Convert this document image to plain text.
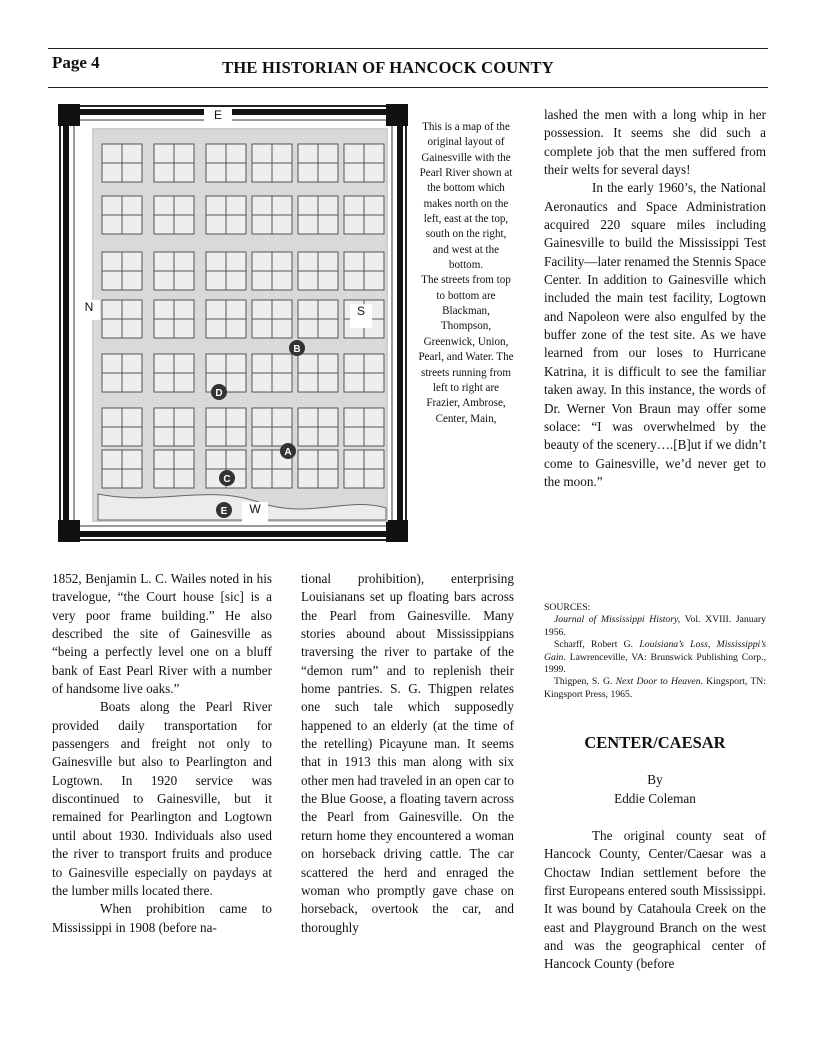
Page 4	THE HISTORIAN OF HANCOCK COUNTY
B
D
A
C
E
E
W
N	S

This is a map of the original layout of Gainesville with the Pearl River shown at the bottom which makes north on the left, east at the top, south on the right, and west at the bottom.

The streets from top to bottom are Blackman, Thompson, Greenwick, Union, Pearl, and Water. The streets running from left to right are Frazier, Ambrose, Center, Main,

1852, Benjamin L. C. Wailes noted in his travelogue, “the Court house [sic] is a very poor frame building.” He also described the site of Gainesville as “being a perfectly level one on a bluff bank of East Pearl River with a number of handsome live oaks.”

Boats along the Pearl River provided daily transportation for passengers and freight not only to Gainesville but also to Pearlington and Logtown. In 1920 service was discontinued to Gainesville, but it remained for Pearlington and Logtown until about 1930. Individuals also used the river to transport fruits and produce to Gainesville especially on paydays at the lumber mills located there.

When prohibition came to Mississippi in 1908 (before na-

tional prohibition), enterprising Louisianans set up floating bars across the Pearl from Gainesville. Many stories abound about Mississippians traversing the river to partake of the “demon rum” and to replenish their home pantries. S. G. Thigpen relates one such tale which supposedly happened to an elderly (at the time of the retelling) Picayune man. It seems that in 1913 this man along with six other men had traveled in an open car to the Blue Goose, a floating tavern across the Pearl from Gainesville. On the return home they encountered a woman on horseback driving cattle. The car scattered the herd and enraged the woman who promptly gave chase on horseback, overtook the car, and thoroughly

lashed the men with a long whip in her possession. It seems she did such a complete job that the men suffered from their welts for several days!

In the early 1960’s, the National Aeronautics and Space Administration acquired 220 square miles including Gainesville to build the Mississippi Test Facility—later renamed the Stennis Space Center. In addition to Gainesville which included the main test facility, Logtown and Napoleon were also engulfed by the buffer zone of the test site. As we have learned from our loses to Hurricane Katrina, it is difficult to see the familiar taken away. In this instance, the words of Dr. Werner Von Braun may offer some solace: “I was overwhelmed by the beauty of the scenery….[B]ut if we didn’t come to Gainesville, we’d never get to the moon.”

SOURCES:

Journal of Mississippi History, Vol. XVIII. January 1956.

Scharff, Robert G. Louisiana’s Loss, Mississippi’s Gain. Lawrenceville, VA: Brunswick Publishing Corp., 1999.

Thigpen, S. G. Next Door to Heaven. Kingsport, TN: Kingsport Press, 1965.

CENTER/CAESAR
By
Eddie Coleman

The original county seat of Hancock County, Center/Caesar was a Choctaw Indian settlement before the first Europeans entered south Mississippi. It was bound by Catahoula Creek on the east and Playground Branch on the west and was the geographical center of Hancock County (before
